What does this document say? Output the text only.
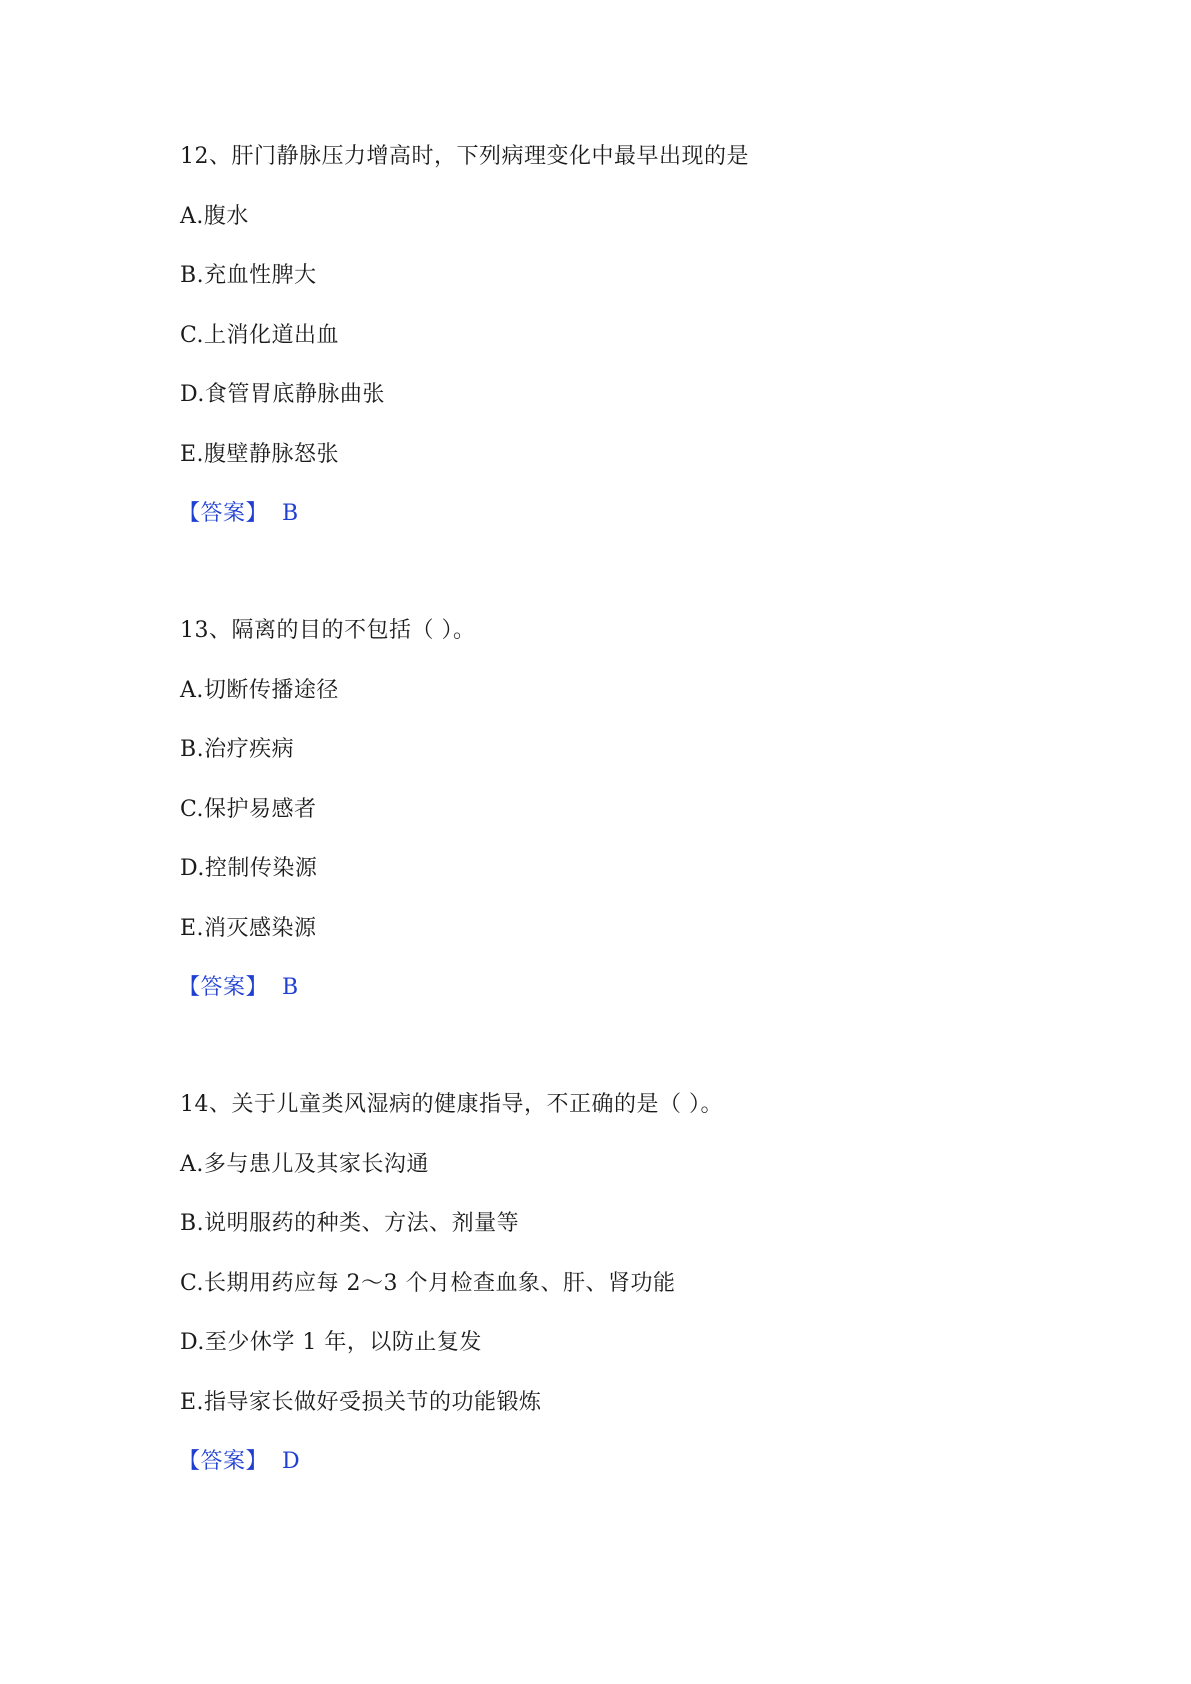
12、肝门静脉压力增高时，下列病理变化中最早出现的是
A.腹水
B.充血性脾大
C.上消化道出血
D.食管胃底静脉曲张
E.腹壁静脉怒张
【答案】 B
13、隔离的目的不包括（ ）。
A.切断传播途径
B.治疗疾病
C.保护易感者
D.控制传染源
E.消灭感染源
【答案】 B
14、关于儿童类风湿病的健康指导，不正确的是（ ）。
A.多与患儿及其家长沟通
B.说明服药的种类、方法、剂量等
C.长期用药应每 2～3 个月检查血象、肝、肾功能
D.至少休学 1 年，以防止复发
E.指导家长做好受损关节的功能锻炼
【答案】 D
